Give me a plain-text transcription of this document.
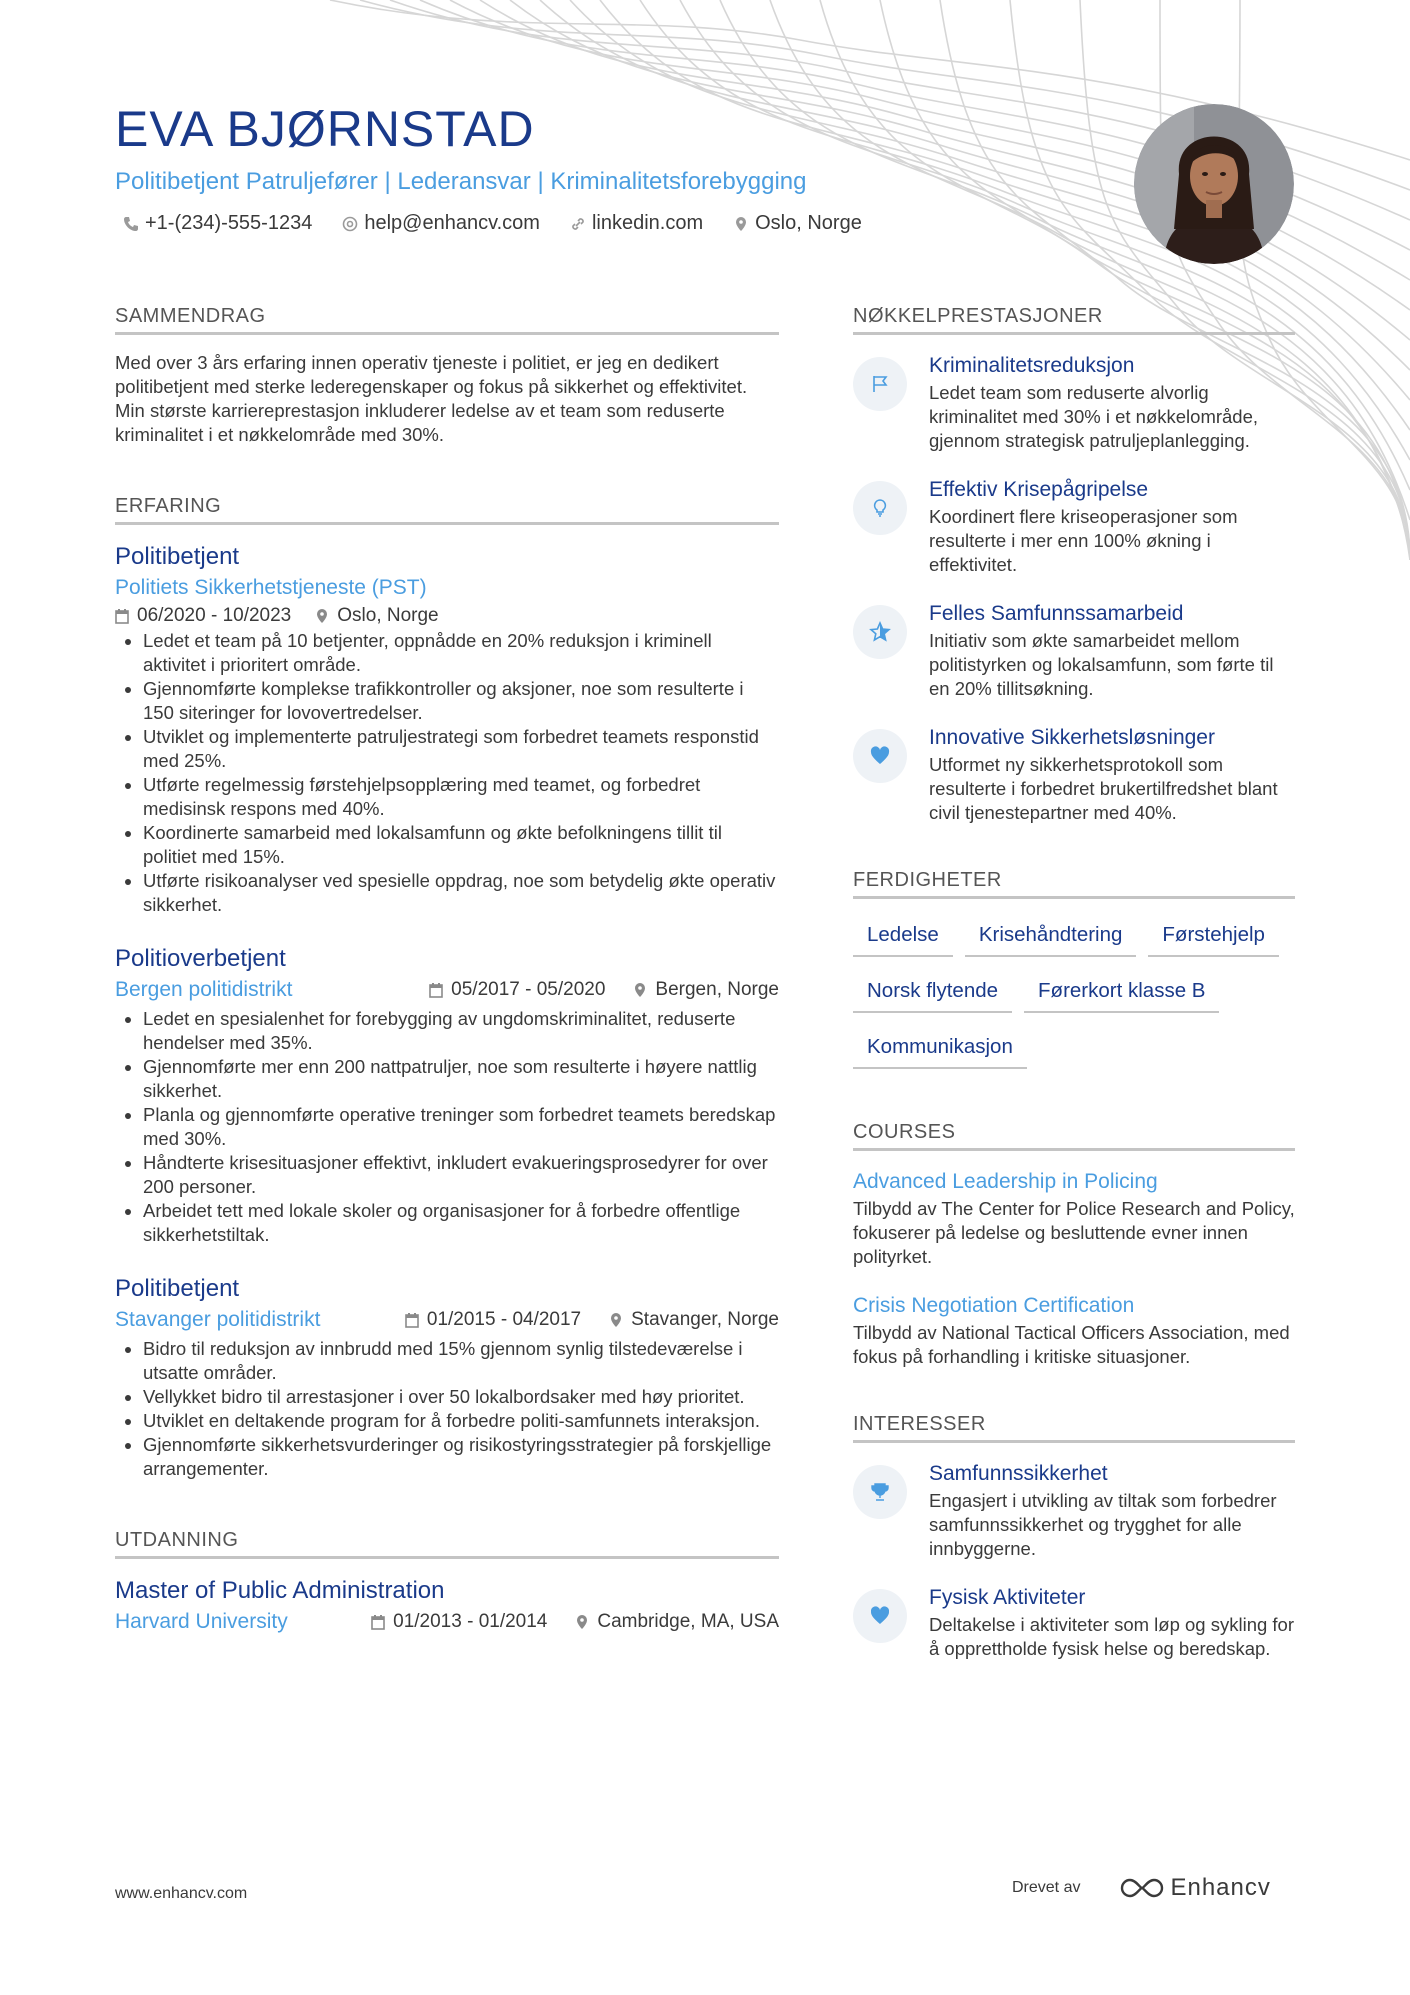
EVA BJØRNSTAD
Politibetjent Patruljefører | Lederansvar | Kriminalitetsforebygging
+1-(234)-555-1234	help@enhancv.com	linkedin.com	Oslo, Norge
SAMMENDRAG

Med over 3 års erfaring innen operativ tjeneste i politiet, er jeg en dedikert politibetjent med sterke lederegenskaper og fokus på sikkerhet og effektivitet. Min største karriereprestasjon inkluderer ledelse av et team som reduserte kriminalitet i et nøkkelområde med 30%.

ERFARING
Politibetjent
Politiets Sikkerhetstjeneste (PST)
06/2020 - 10/2023 Oslo, Norge
• Ledet et team på 10 betjenter, oppnådde en 20% reduksjon i kriminell aktivitet i prioritert område.
• Gjennomførte komplekse trafikkontroller og aksjoner, noe som resulterte i 150 siteringer for lovovertredelser.
• Utviklet og implementerte patruljestrategi som forbedret teamets responstid med 25%.
• Utførte regelmessig førstehjelpsopplæring med teamet, og forbedret medisinsk respons med 40%.
• Koordinerte samarbeid med lokalsamfunn og økte befolkningens tillit til politiet med 15%.
• Utførte risikoanalyser ved spesielle oppdrag, noe som betydelig økte operativ sikkerhet.
Politioverbetjent
Bergen politidistrikt	05/2017 - 05/2020	Bergen, Norge
• Ledet en spesialenhet for forebygging av ungdomskriminalitet, reduserte hendelser med 35%.
• Gjennomførte mer enn 200 nattpatruljer, noe som resulterte i høyere nattlig sikkerhet.
• Planla og gjennomførte operative treninger som forbedret teamets beredskap med 30%.
• Håndterte krisesituasjoner effektivt, inkludert evakueringsprosedyrer for over 200 personer.
• Arbeidet tett med lokale skoler og organisasjoner for å forbedre offentlige sikkerhetstiltak.
Politibetjent
Stavanger politidistrikt	01/2015 - 04/2017	Stavanger, Norge
• Bidro til reduksjon av innbrudd med 15% gjennom synlig tilstedeværelse i utsatte områder.
• Vellykket bidro til arrestasjoner i over 50 lokalbordsaker med høy prioritet.
• Utviklet en deltakende program for å forbedre politi-samfunnets interaksjon.
• Gjennomførte sikkerhetsvurderinger og risikostyringsstrategier på forskjellige arrangementer.
UTDANNING
Master of Public Administration
Harvard University	01/2013 - 01/2014	Cambridge, MA, USA
NØKKELPRESTASJONER
Kriminalitetsreduksjon
Ledet team som reduserte alvorlig kriminalitet med 30% i et nøkkelområde, gjennom strategisk patruljeplanlegging.
Effektiv Krisepågripelse
Koordinert flere kriseoperasjoner som resulterte i mer enn 100% økning i effektivitet.
Felles Samfunnssamarbeid
Initiativ som økte samarbeidet mellom politistyrken og lokalsamfunn, som førte til en 20% tillitsøkning.
Innovative Sikkerhetsløsninger
Utformet ny sikkerhetsprotokoll som resulterte i forbedret brukertilfredshet blant civil tjenestepartner med 40%.
FERDIGHETER
Ledelse	Krisehåndtering	Førstehjelp
Norsk flytende	Førerkort klasse B
Kommunikasjon
COURSES
Advanced Leadership in Policing
Tilbydd av The Center for Police Research and Policy, fokuserer på ledelse og besluttende evner innen polityrket.
Crisis Negotiation Certification
Tilbydd av National Tactical Officers Association, med fokus på forhandling i kritiske situasjoner.
INTERESSER
Samfunnssikkerhet
Engasjert i utvikling av tiltak som forbedrer samfunnssikkerhet og trygghet for alle innbyggerne.
Fysisk Aktiviteter
Deltakelse i aktiviteter som løp og sykling for å opprettholde fysisk helse og beredskap.
www.enhancv.com	Drevet av	Enhancv
